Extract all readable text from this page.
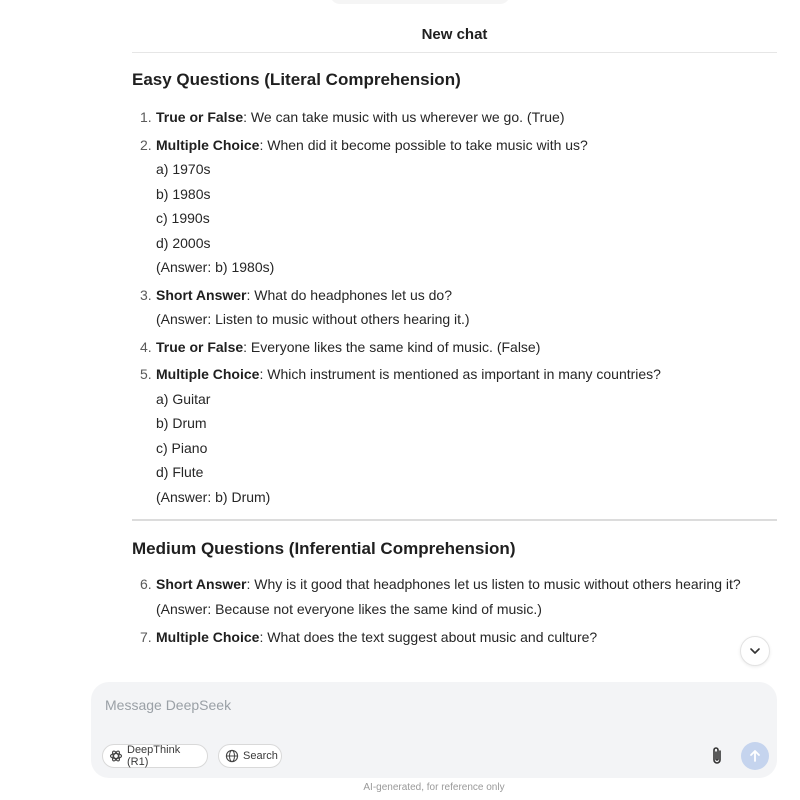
New chat
Easy Questions (Literal Comprehension)
1. True or False: We can take music with us wherever we go. (True)
2. Multiple Choice: When did it become possible to take music with us?
a) 1970s
b) 1980s
c) 1990s
d) 2000s
(Answer: b) 1980s)
3. Short Answer: What do headphones let us do?
(Answer: Listen to music without others hearing it.)
4. True or False: Everyone likes the same kind of music. (False)
5. Multiple Choice: Which instrument is mentioned as important in many countries?
a) Guitar
b) Drum
c) Piano
d) Flute
(Answer: b) Drum)
Medium Questions (Inferential Comprehension)
6. Short Answer: Why is it good that headphones let us listen to music without others hearing it?
(Answer: Because not everyone likes the same kind of music.)
7. Multiple Choice: What does the text suggest about music and culture?
Message DeepSeek
DeepThink (R1)	Search
AI-generated, for reference only
